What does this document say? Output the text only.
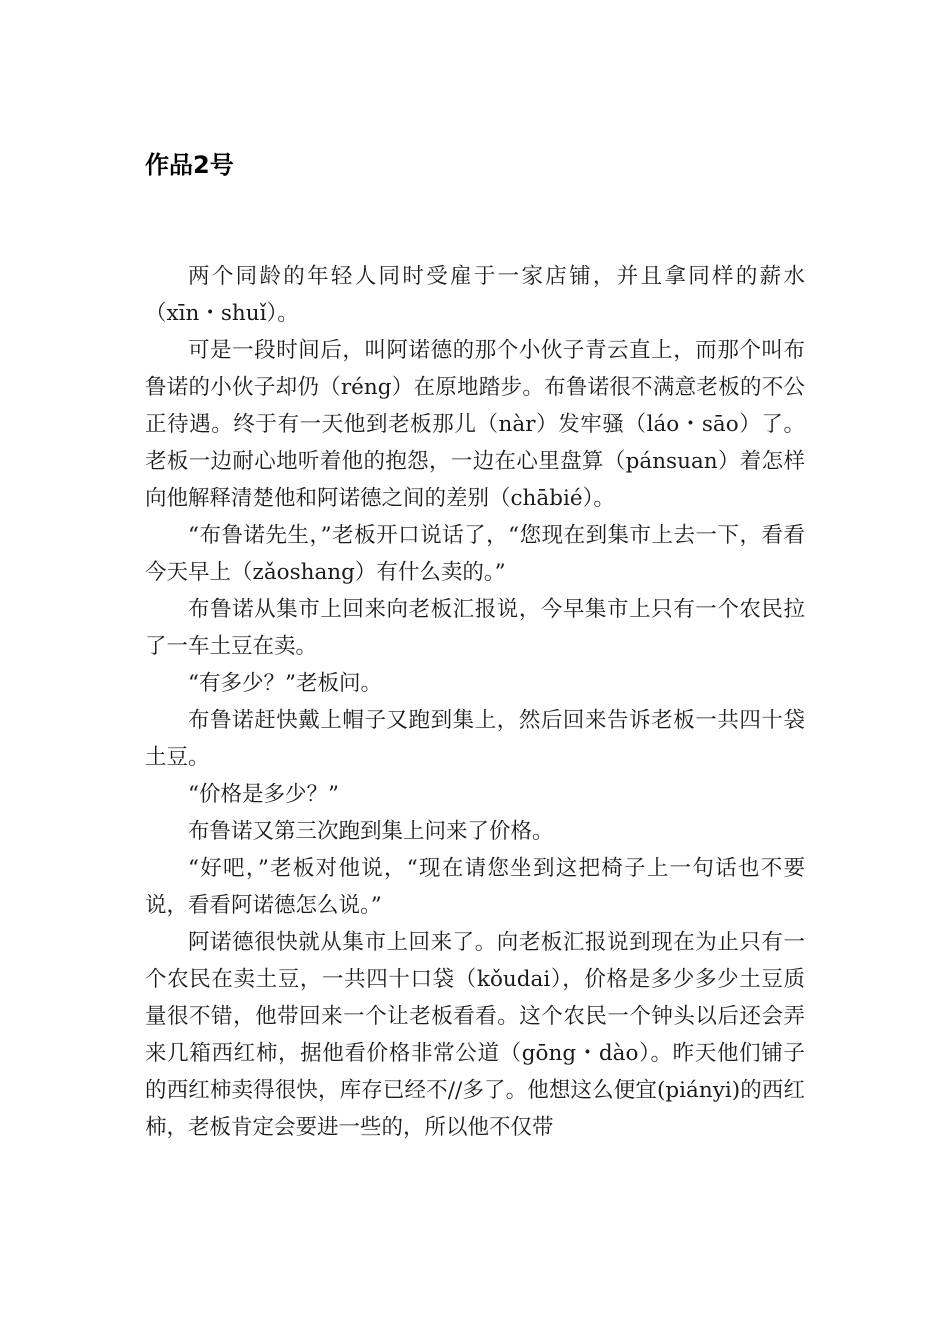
作品2号

两个同龄的年轻人同时受雇于一家店铺，并且拿同样的薪水（xīn・shuǐ）。

可是一段时间后，叫阿诺德的那个小伙子青云直上，而那个叫布鲁诺的小伙子却仍（réng）在原地踏步。布鲁诺很不满意老板的不公正待遇。终于有一天他到老板那儿（nàr）发牢骚（láo・sāo）了。老板一边耐心地听着他的抱怨，一边在心里盘算（pánsuan）着怎样向他解释清楚他和阿诺德之间的差别（chābié）。

“布鲁诺先生，”老板开口说话了，“您现在到集市上去一下，看看今天早上（zǎoshang）有什么卖的。”

布鲁诺从集市上回来向老板汇报说，今早集市上只有一个农民拉了一车土豆在卖。

“有多少？”老板问。

布鲁诺赶快戴上帽子又跑到集上，然后回来告诉老板一共四十袋土豆。

“价格是多少？”

布鲁诺又第三次跑到集上问来了价格。

“好吧，”老板对他说，“现在请您坐到这把椅子上一句话也不要说，看看阿诺德怎么说。”

阿诺德很快就从集市上回来了。向老板汇报说到现在为止只有一个农民在卖土豆，一共四十口袋（kǒudai），价格是多少多少土豆质量很不错，他带回来一个让老板看看。这个农民一个钟头以后还会弄来几箱西红柿，据他看价格非常公道（gōng・dào）。昨天他们铺子的西红柿卖得很快，库存已经不//多了。他想这么便宜(piányi)的西红柿，老板肯定会要进一些的，所以他不仅带
